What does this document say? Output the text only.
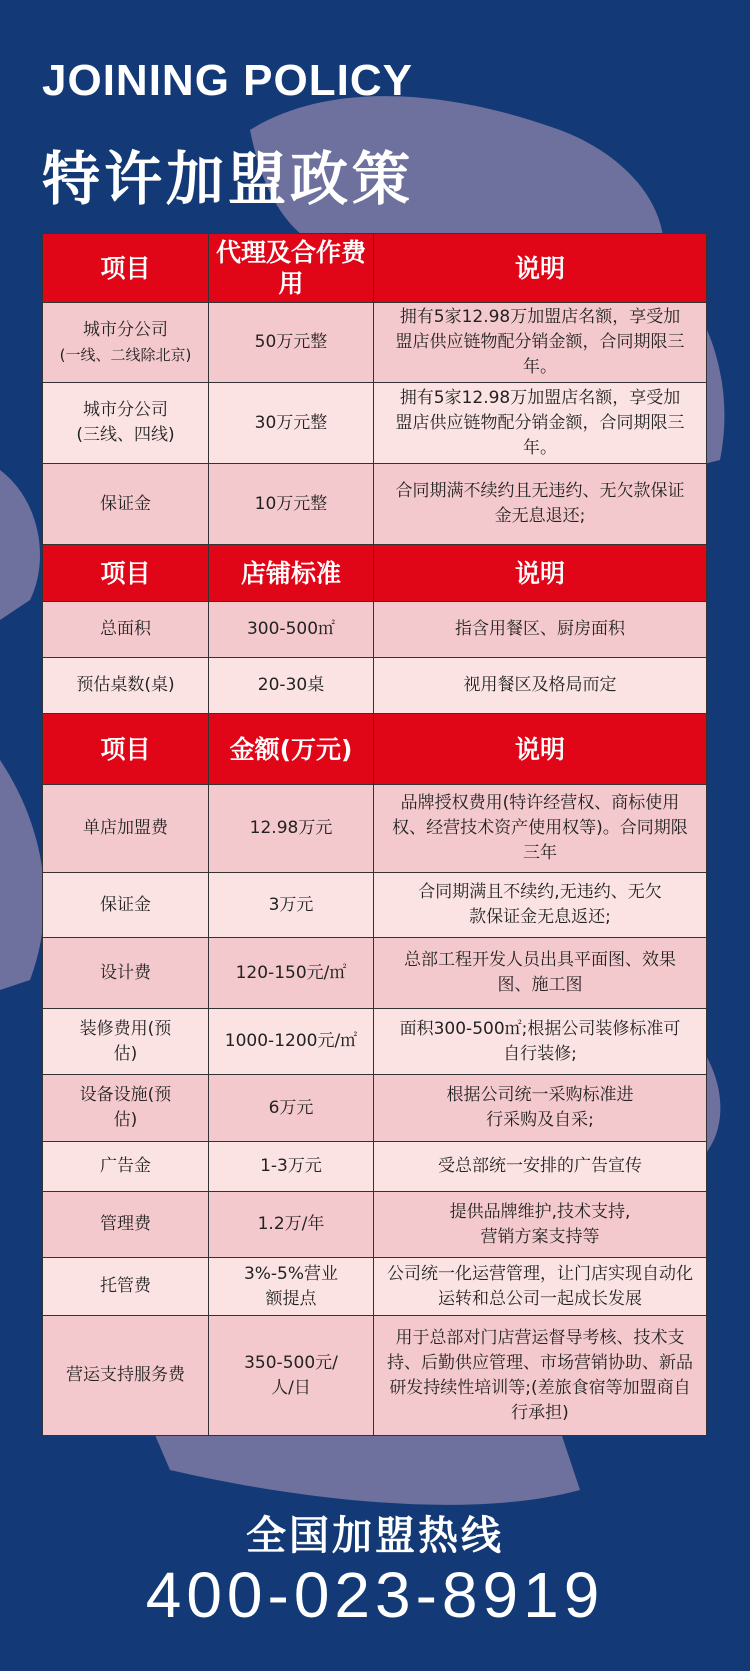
JOINING POLICY
特许加盟政策
项目	代理及合作费用	说明

城市分公司
(一线、二线除北京)	50万元整	拥有5家12.98万加盟店名额，享受加盟店供应链物配分销金额，合同期限三年。

城市分公司
(三线、四线)	30万元整	拥有5家12.98万加盟店名额，享受加盟店供应链物配分销金额，合同期限三年。
保证金	10万元整	合同期满不续约且无违约、无欠款保证金无息退还;
项目	店铺标准	说明
总面积	300-500㎡	指含用餐区、厨房面积
预估桌数(桌)	20-30桌	视用餐区及格局而定
项目	金额(万元)	说明
单店加盟费	12.98万元	品牌授权费用(特许经营权、商标使用权、经营技术资产使用权等)。合同期限三年
保证金	3万元	合同期满且不续约,无违约、无欠款保证金无息返还;
设计费	120-150元/㎡	总部工程开发人员出具平面图、效果图、施工图
装修费用(预估)	1000-1200元/㎡	面积300-500㎡;根据公司装修标准可自行装修;
设备设施(预估)	6万元	根据公司统一采购标准进行采购及自采;
广告金	1-3万元	受总部统一安排的广告宣传
管理费	1.2万/年	提供品牌维护,技术支持,营销方案支持等
托管费	3%-5%营业额提点	公司统一化运营管理，让门店实现自动化运转和总公司一起成长发展
营运支持服务费	350-500元/人/日	用于总部对门店营运督导考核、技术支持、后勤供应管理、市场营销协助、新品研发持续性培训等;(差旅食宿等加盟商自行承担)
全国加盟热线
400-023-8919
